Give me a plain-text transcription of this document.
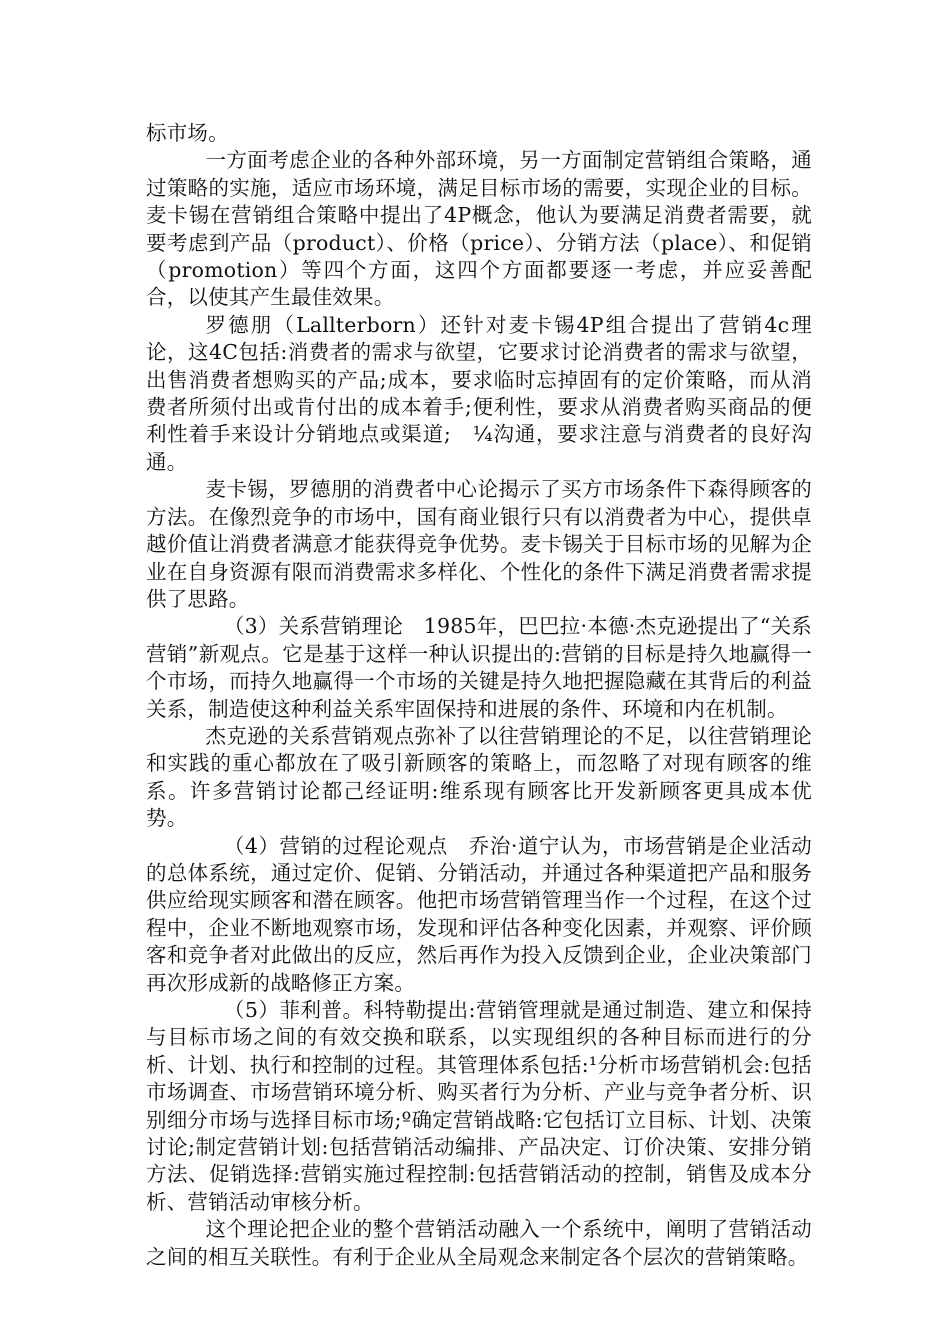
标市场。

一方面考虑企业的各种外部环境，另一方面制定营销组合策略，通过策略的实施，适应市场环境，满足目标市场的需要，实现企业的目标。麦卡锡在营销组合策略中提出了4P概念，他认为要满足消费者需要，就要考虑到产品（product）、价格（price）、分销方法（place）、和促销（promotion）等四个方面，这四个方面都要逐一考虑，并应妥善配合，以使其产生最佳效果。

罗德朋（Lallterborn）还针对麦卡锡4P组合提出了营销4c理论，这4C包括:消费者的需求与欲望，它要求讨论消费者的需求与欲望，出售消费者想购买的产品;成本，要求临时忘掉固有的定价策略，而从消费者所须付出或肯付出的成本着手;便利性，要求从消费者购买商品的便利性着手来设计分销地点或渠道;　¼沟通，要求注意与消费者的良好沟通。

麦卡锡，罗德朋的消费者中心论揭示了买方市场条件下森得顾客的方法。在像烈竞争的市场中，国有商业银行只有以消费者为中心，提供卓越价值让消费者满意才能获得竞争优势。麦卡锡关于目标市场的见解为企业在自身资源有限而消费需求多样化、个性化的条件下满足消费者需求提供了思路。

（3）关系营销理论　1985年，巴巴拉·本德·杰克逊提出了“关系营销”新观点。它是基于这样一种认识提出的:营销的目标是持久地赢得一个市场，而持久地赢得一个市场的关键是持久地把握隐藏在其背后的利益关系，制造使这种利益关系牢固保持和进展的条件、环境和内在机制。

杰克逊的关系营销观点弥补了以往营销理论的不足，以往营销理论和实践的重心都放在了吸引新顾客的策略上，而忽略了对现有顾客的维系。许多营销讨论都己经证明:维系现有顾客比开发新顾客更具成本优势。

（4）营销的过程论观点　乔治·道宁认为，市场营销是企业活动的总体系统，通过定价、促销、分销活动，并通过各种渠道把产品和服务供应给现实顾客和潜在顾客。他把市场营销管理当作一个过程，在这个过程中，企业不断地观察市场，发现和评估各种变化因素，并观察、评价顾客和竞争者对此做出的反应，然后再作为投入反馈到企业，企业决策部门再次形成新的战略修正方案。

（5）菲利普。科特勒提出:营销管理就是通过制造、建立和保持与目标市场之间的有效交换和联系，以实现组织的各种目标而进行的分析、计划、执行和控制的过程。其管理体系包括:¹分析市场营销机会:包括市场调查、市场营销环境分析、购买者行为分析、产业与竞争者分析、识别细分市场与选择目标市场;º确定营销战略:它包括订立目标、计划、决策讨论;制定营销计划:包括营销活动编排、产品决定、订价决策、安排分销方法、促销选择:营销实施过程控制:包括营销活动的控制，销售及成本分析、营销活动审核分析。

这个理论把企业的整个营销活动融入一个系统中，阐明了营销活动之间的相互关联性。有利于企业从全局观念来制定各个层次的营销策略。
